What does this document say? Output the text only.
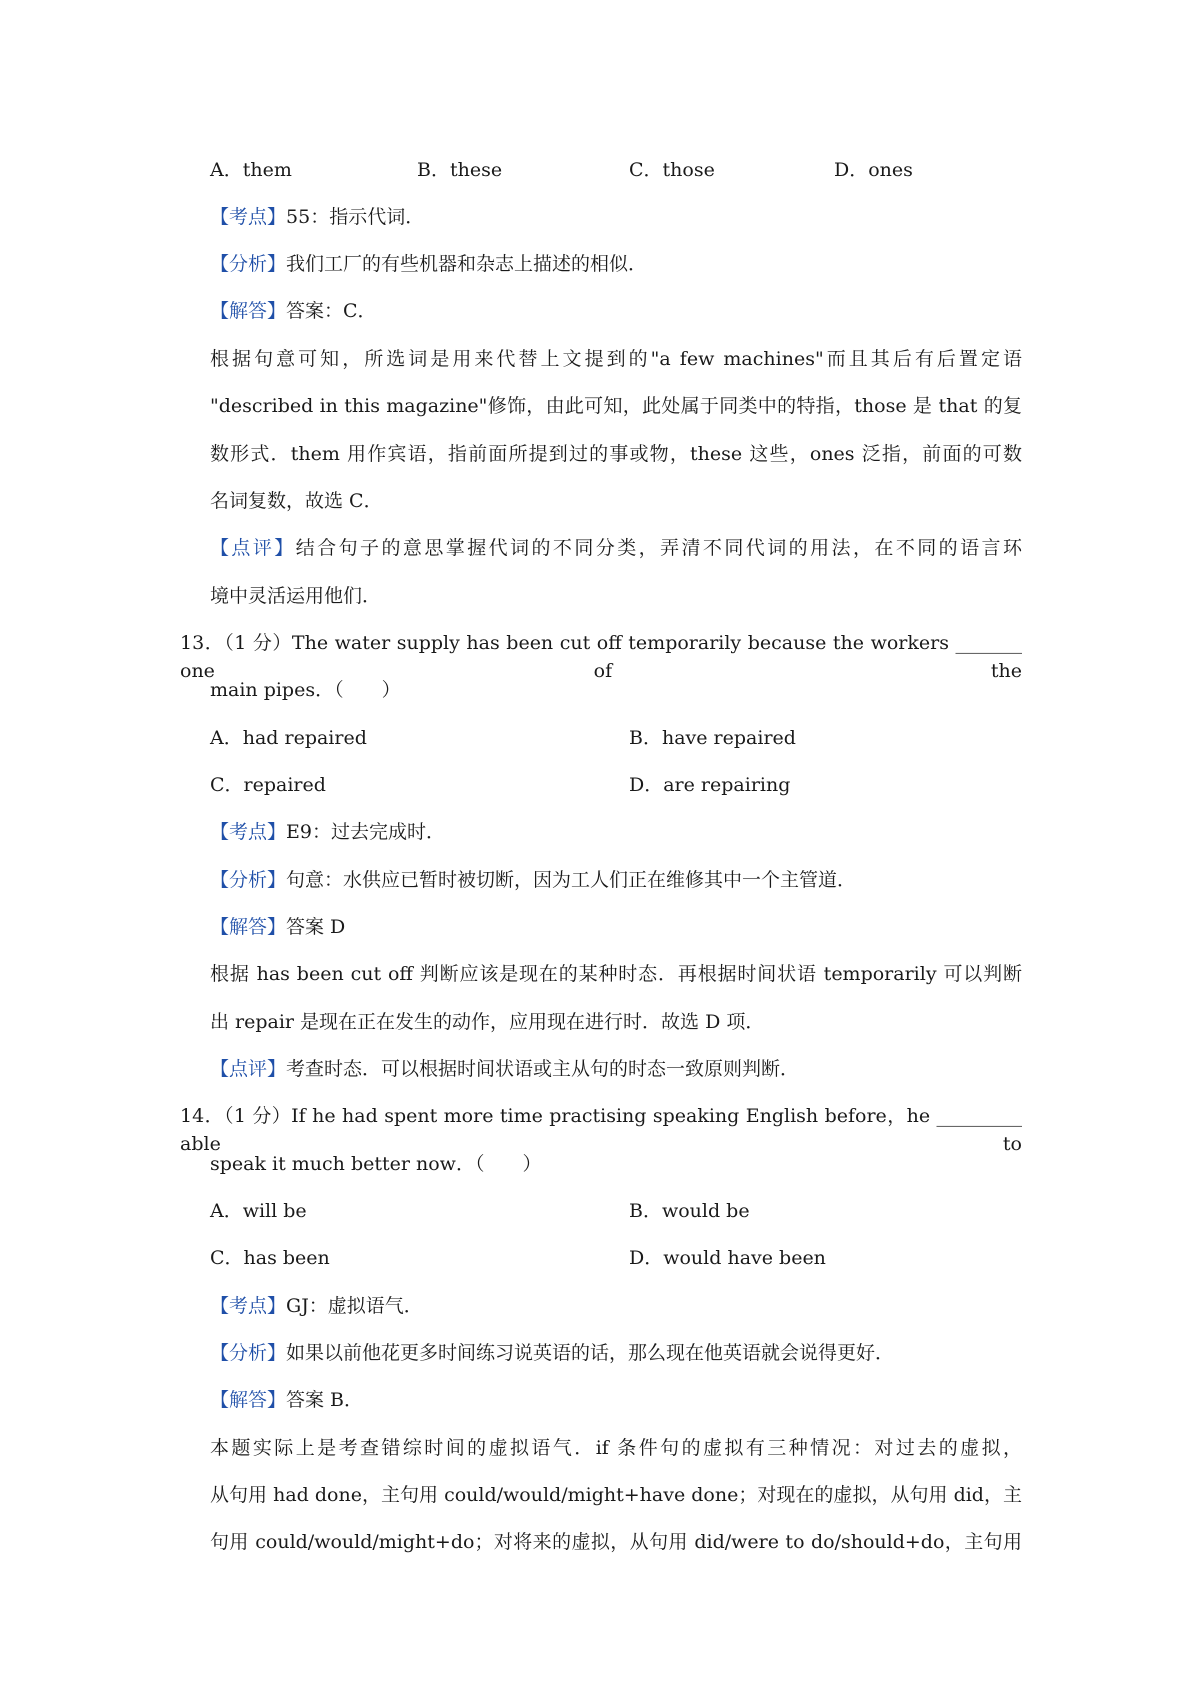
A．them	B．these	C．those	D．ones
【考点】55：指示代词．
【分析】我们工厂的有些机器和杂志上描述的相似．
【解答】答案：C．
根据句意可知，所选词是用来代替上文提到的"a few machines"而且其后有后置定语
"described in this magazine"修饰，由此可知，此处属于同类中的特指，those 是 that 的复
数形式．them 用作宾语，指前面所提到过的事或物，these 这些，ones 泛指，前面的可数
名词复数，故选 C．
【点评】结合句子的意思掌握代词的不同分类，弄清不同代词的用法，在不同的语言环
境中灵活运用他们．
13．（1 分）The water supply has been cut off temporarily because the workers _______ one of the
main pipes．（　　）
A．had repaired	B．have repaired
C．repaired	D．are repairing
【考点】E9：过去完成时．
【分析】句意：水供应已暂时被切断，因为工人们正在维修其中一个主管道．
【解答】答案 D
根据 has been cut off 判断应该是现在的某种时态．再根据时间状语 temporarily 可以判断
出 repair 是现在正在发生的动作，应用现在进行时．故选 D 项．
【点评】考查时态．可以根据时间状语或主从句的时态一致原则判断．
14．（1 分）If he had spent more time practising speaking English before，he _________ able to
speak it much better now．（　　）
A．will be	B．would be
C．has been	D．would have been
【考点】GJ：虚拟语气．
【分析】如果以前他花更多时间练习说英语的话，那么现在他英语就会说得更好．
【解答】答案 B．
本题实际上是考查错综时间的虚拟语气．if 条件句的虚拟有三种情况：对过去的虚拟，
从句用 had done，主句用 could/would/might+have done；对现在的虚拟，从句用 did，主
句用 could/would/might+do；对将来的虚拟，从句用 did/were to do/should+do，主句用
